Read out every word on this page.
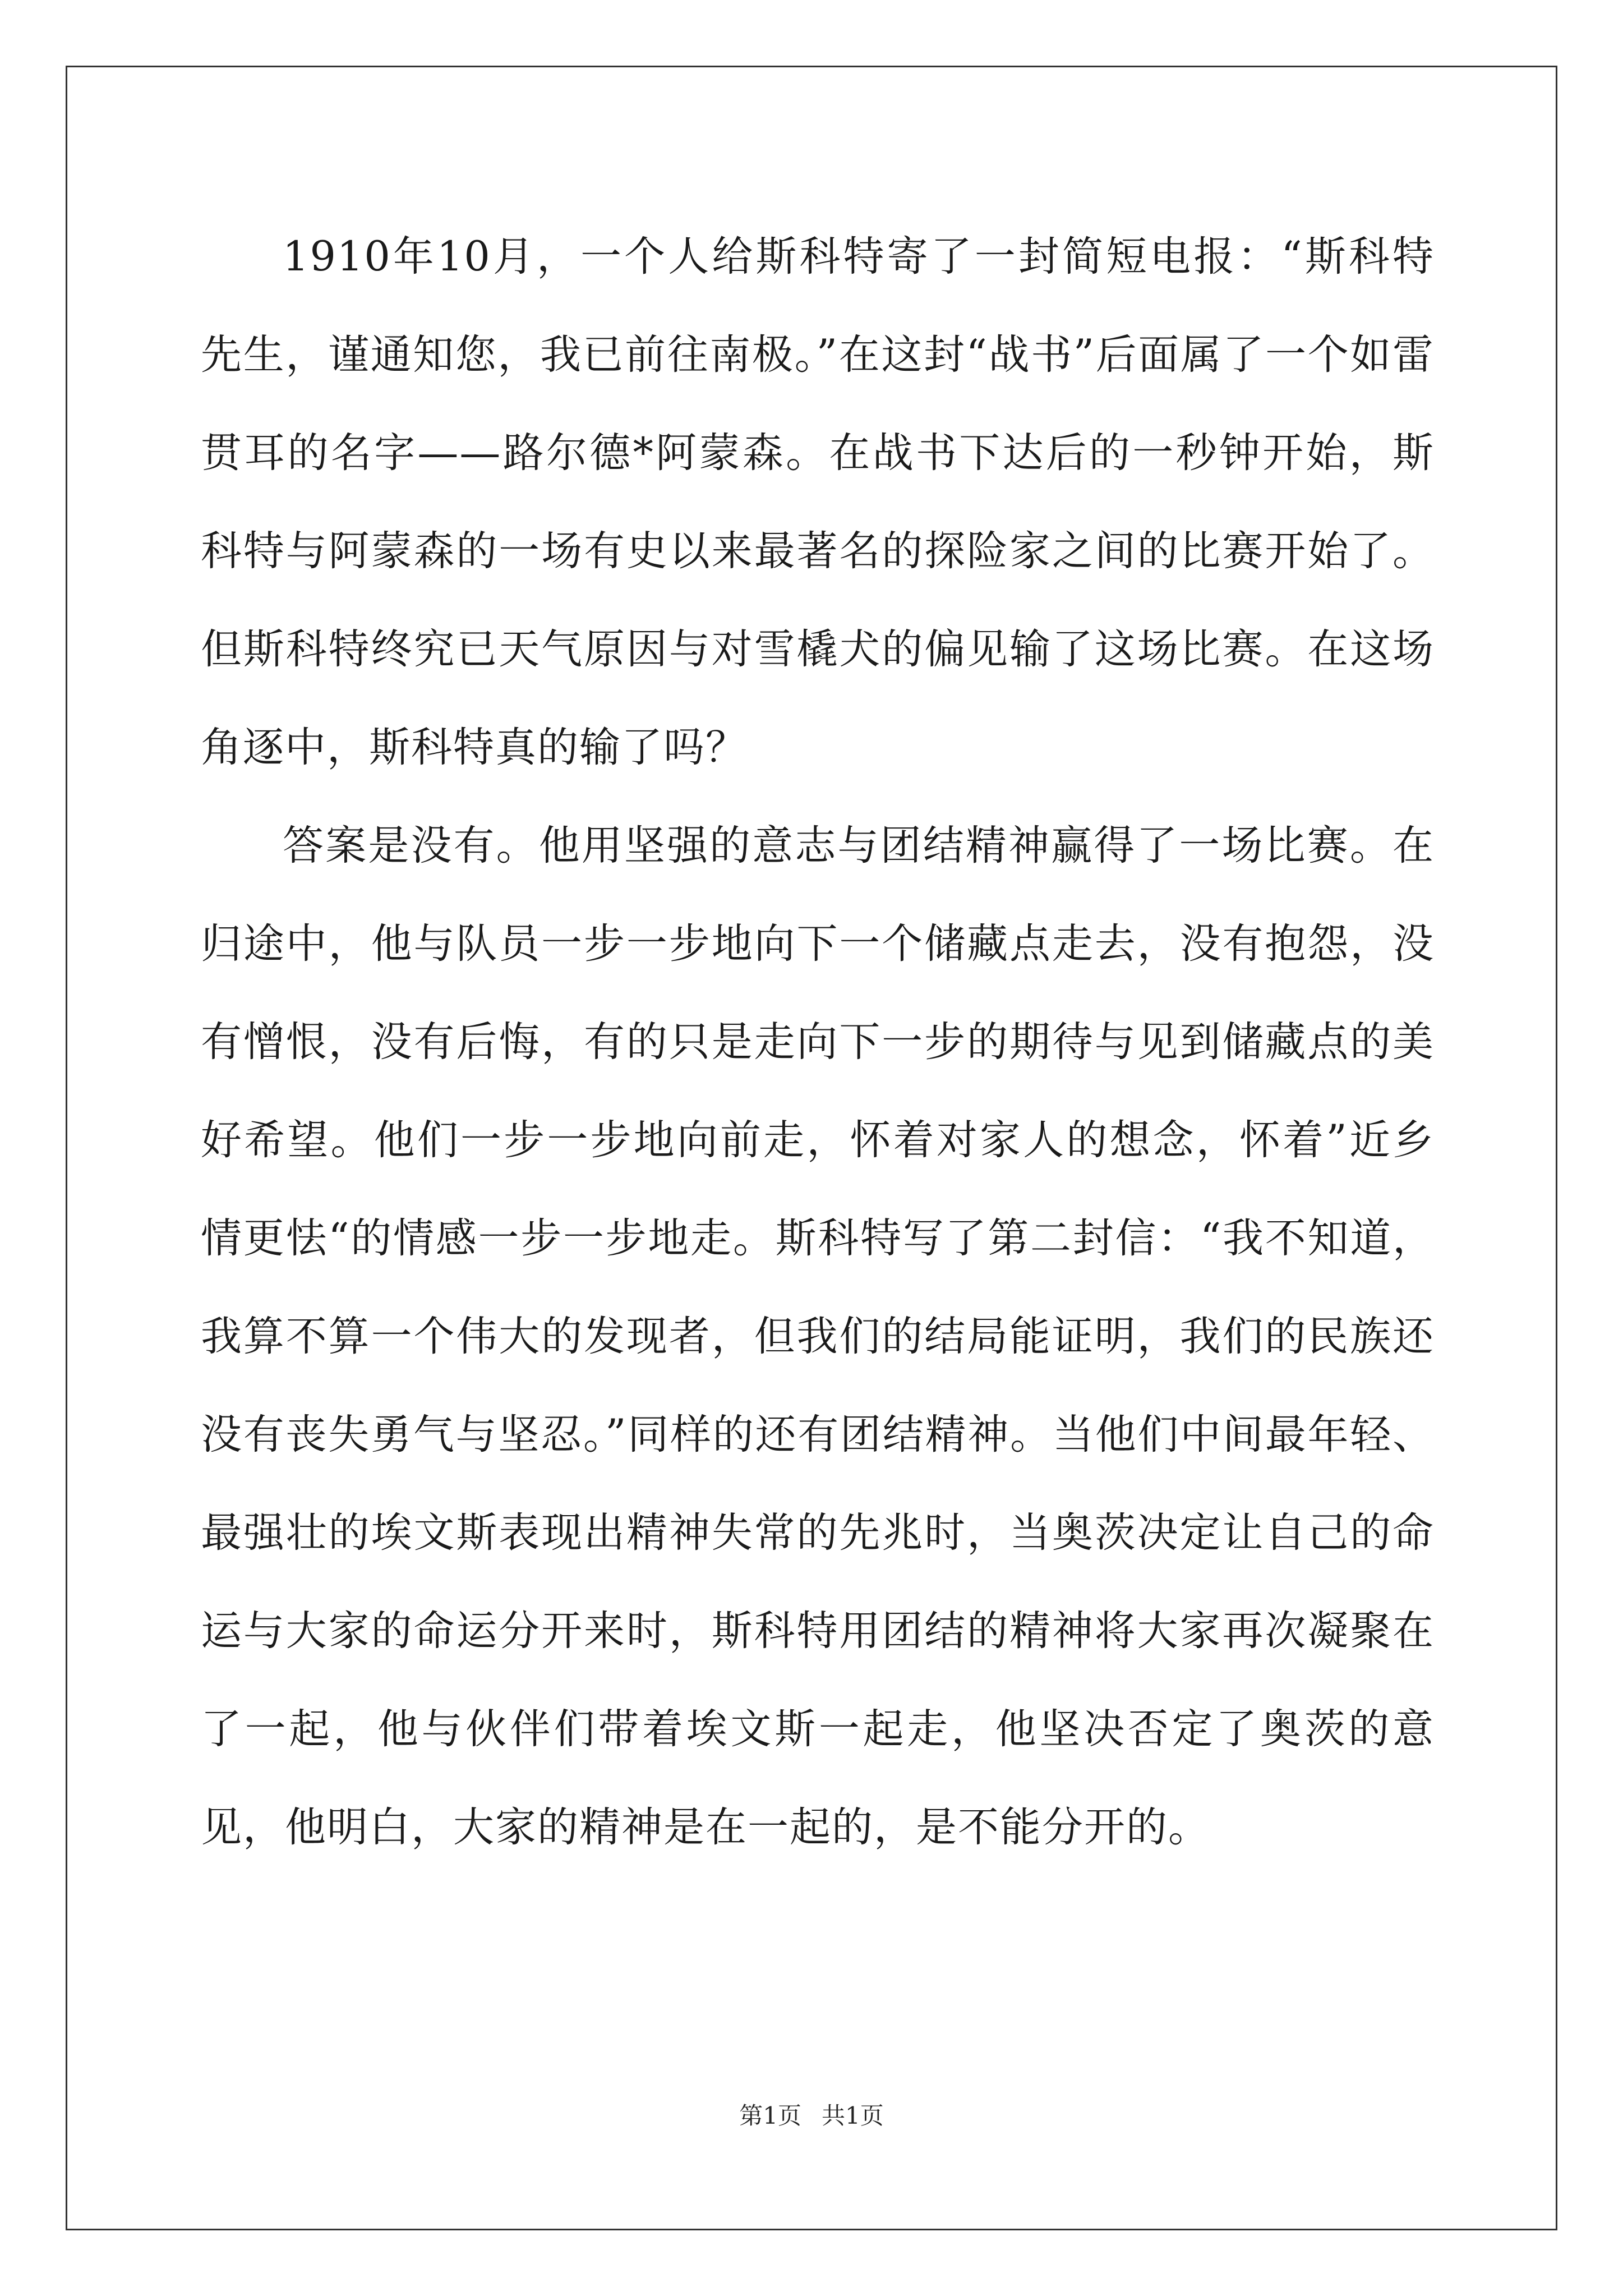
1910年10月，一个人给斯科特寄了一封简短电报：“斯科特先生，谨通知您，我已前往南极。”在这封“战书”后面属了一个如雷贯耳的名字——路尔德*阿蒙森。在战书下达后的一秒钟开始，斯科特与阿蒙森的一场有史以来最著名的探险家之间的比赛开始了。但斯科特终究已天气原因与对雪橇犬的偏见输了这场比赛。在这场角逐中，斯科特真的输了吗？

答案是没有。他用坚强的意志与团结精神赢得了一场比赛。在归途中，他与队员一步一步地向下一个储藏点走去，没有抱怨，没有憎恨，没有后悔，有的只是走向下一步的期待与见到储藏点的美好希望。他们一步一步地向前走，怀着对家人的想念，怀着”近乡情更怯“的情感一步一步地走。斯科特写了第二封信：“我不知道，我算不算一个伟大的发现者，但我们的结局能证明，我们的民族还没有丧失勇气与坚忍。”同样的还有团结精神。当他们中间最年轻、最强壮的埃文斯表现出精神失常的先兆时，当奥茨决定让自己的命运与大家的命运分开来时，斯科特用团结的精神将大家再次凝聚在了一起，他与伙伴们带着埃文斯一起走，他坚决否定了奥茨的意见，他明白，大家的精神是在一起的，是不能分开的。

第1页 共1页
